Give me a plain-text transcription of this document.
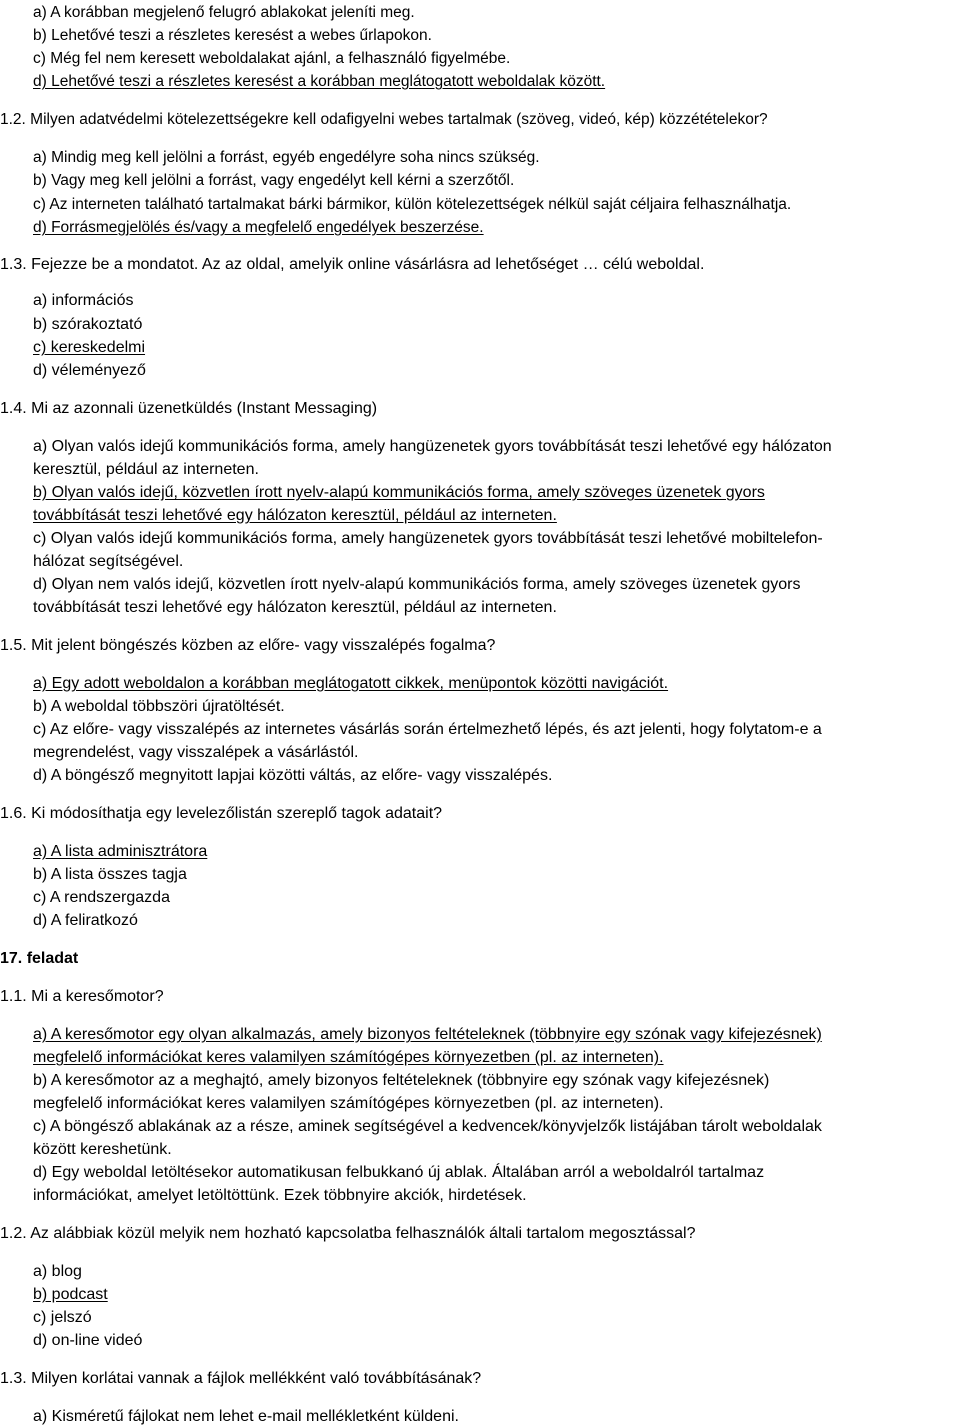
a) A korábban megjelenő felugró ablakokat jeleníti meg.
b) Lehetővé teszi a részletes keresést a webes űrlapokon.
c) Még fel nem keresett weboldalakat ajánl, a felhasználó figyelmébe.
d) Lehetővé teszi a részletes keresést a korábban meglátogatott weboldalak között.
1.2. Milyen adatvédelmi kötelezettségekre kell odafigyelni webes tartalmak (szöveg, videó, kép) közzétételekor?
a) Mindig meg kell jelölni a forrást, egyéb engedélyre soha nincs szükség.
b) Vagy meg kell jelölni a forrást, vagy engedélyt kell kérni a szerzőtől.
c) Az interneten található tartalmakat bárki bármikor, külön kötelezettségek nélkül saját céljaira felhasználhatja.
d) Forrásmegjelölés és/vagy a megfelelő engedélyek beszerzése.
1.3. Fejezze be a mondatot. Az az oldal, amelyik online vásárlásra ad lehetőséget … célú weboldal.
a) információs
b) szórakoztató
c) kereskedelmi
d) véleményező
1.4. Mi az azonnali üzenetküldés (Instant Messaging)
a) Olyan valós idejű kommunikációs forma, amely hangüzenetek gyors továbbítását teszi lehetővé egy hálózaton
keresztül, például az interneten.
b) Olyan valós idejű, közvetlen írott nyelv-alapú kommunikációs forma, amely szöveges üzenetek gyors
továbbítását teszi lehetővé egy hálózaton keresztül, például az interneten.
c) Olyan valós idejű kommunikációs forma, amely hangüzenetek gyors továbbítását teszi lehetővé mobiltelefon-
hálózat segítségével.
d) Olyan nem valós idejű, közvetlen írott nyelv-alapú kommunikációs forma, amely szöveges üzenetek gyors
továbbítását teszi lehetővé egy hálózaton keresztül, például az interneten.
1.5. Mit jelent böngészés közben az előre- vagy visszalépés fogalma?
a) Egy adott weboldalon a korábban meglátogatott cikkek, menüpontok közötti navigációt.
b) A weboldal többszöri újratöltését.
c) Az előre- vagy visszalépés az internetes vásárlás során értelmezhető lépés, és azt jelenti, hogy folytatom-e a
megrendelést, vagy visszalépek a vásárlástól.
d) A böngésző megnyitott lapjai közötti váltás, az előre- vagy visszalépés.
1.6. Ki módosíthatja egy levelezőlistán szereplő tagok adatait?
a) A lista adminisztrátora
b) A lista összes tagja
c) A rendszergazda
d) A feliratkozó
17. feladat
1.1. Mi a keresőmotor?
a) A keresőmotor egy olyan alkalmazás, amely bizonyos feltételeknek (többnyire egy szónak vagy kifejezésnek)
megfelelő információkat keres valamilyen számítógépes környezetben (pl. az interneten).
b) A keresőmotor az a meghajtó, amely bizonyos feltételeknek (többnyire egy szónak vagy kifejezésnek)
megfelelő információkat keres valamilyen számítógépes környezetben (pl. az interneten).
c) A böngésző ablakának az a része, aminek segítségével a kedvencek/könyvjelzők listájában tárolt weboldalak
között kereshetünk.
d) Egy weboldal letöltésekor automatikusan felbukkanó új ablak. Általában arról a weboldalról tartalmaz
információkat, amelyet letöltöttünk. Ezek többnyire akciók, hirdetések.
1.2. Az alábbiak közül melyik nem hozható kapcsolatba felhasználók általi tartalom megosztással?
a) blog
b) podcast
c) jelszó
d) on-line videó
1.3. Milyen korlátai vannak a fájlok mellékként való továbbításának?
a) Kisméretű fájlokat nem lehet e-mail mellékletként küldeni.
